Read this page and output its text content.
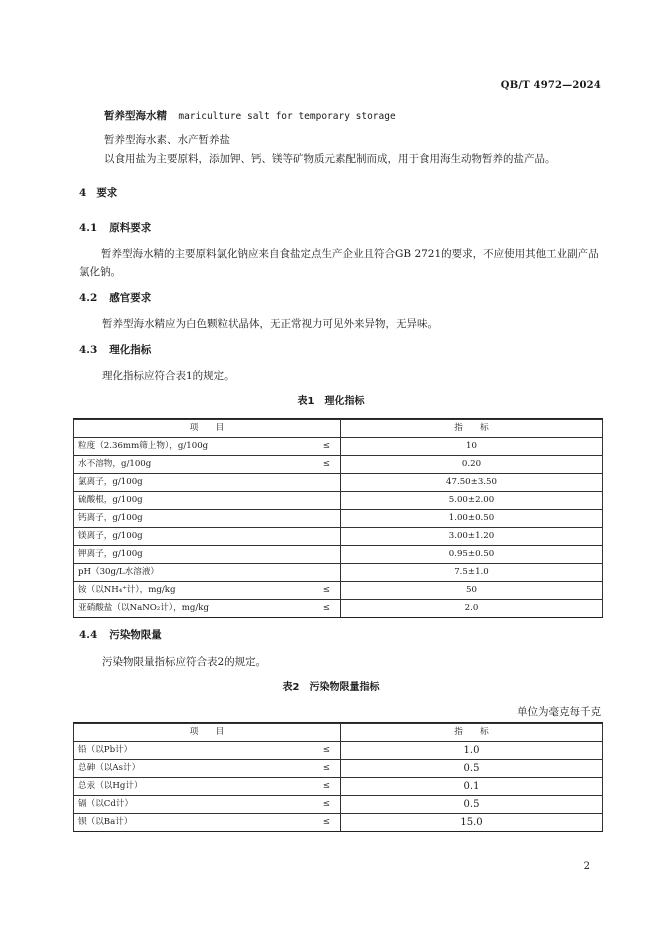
QB/T 4972—2024
暂养型海水精 mariculture salt for temporary storage
暂养型海水素、水产暂养盐
以食用盐为主要原料，添加钾、钙、镁等矿物质元素配制而成，用于食用海生动物暂养的盐产品。
4 要求
4.1 原料要求
暂养型海水精的主要原料氯化钠应来自食盐定点生产企业且符合GB 2721的要求，不应使用其他工业副产品氯化钠。
4.2 感官要求
暂养型海水精应为白色颗粒状晶体，无正常视力可见外来异物，无异味。
4.3 理化指标
理化指标应符合表1的规定。
表1　理化指标
项　　目	指　　标
粒度（2.36mm筛上物），g/100g ≤	10
水不溶物，g/100g ≤	0.20
氯离子，g/100g	47.50±3.50
硫酸根，g/100g	5.00±2.00
钙离子，g/100g	1.00±0.50
镁离子，g/100g	3.00±1.20
钾离子，g/100g	0.95±0.50
pH（30g/L水溶液）	7.5±1.0
铵（以NH₄⁺计），mg/kg ≤	50
亚硝酸盐（以NaNO₂计），mg/kg ≤	2.0
4.4 污染物限量
污染物限量指标应符合表2的规定。
表2　污染物限量指标
单位为毫克每千克
项　　目	指　　标
铅（以Pb计） ≤	1.0
总砷（以As计） ≤	0.5
总汞（以Hg计） ≤	0.1
镉（以Cd计） ≤	0.5
钡（以Ba计） ≤	15.0
2
